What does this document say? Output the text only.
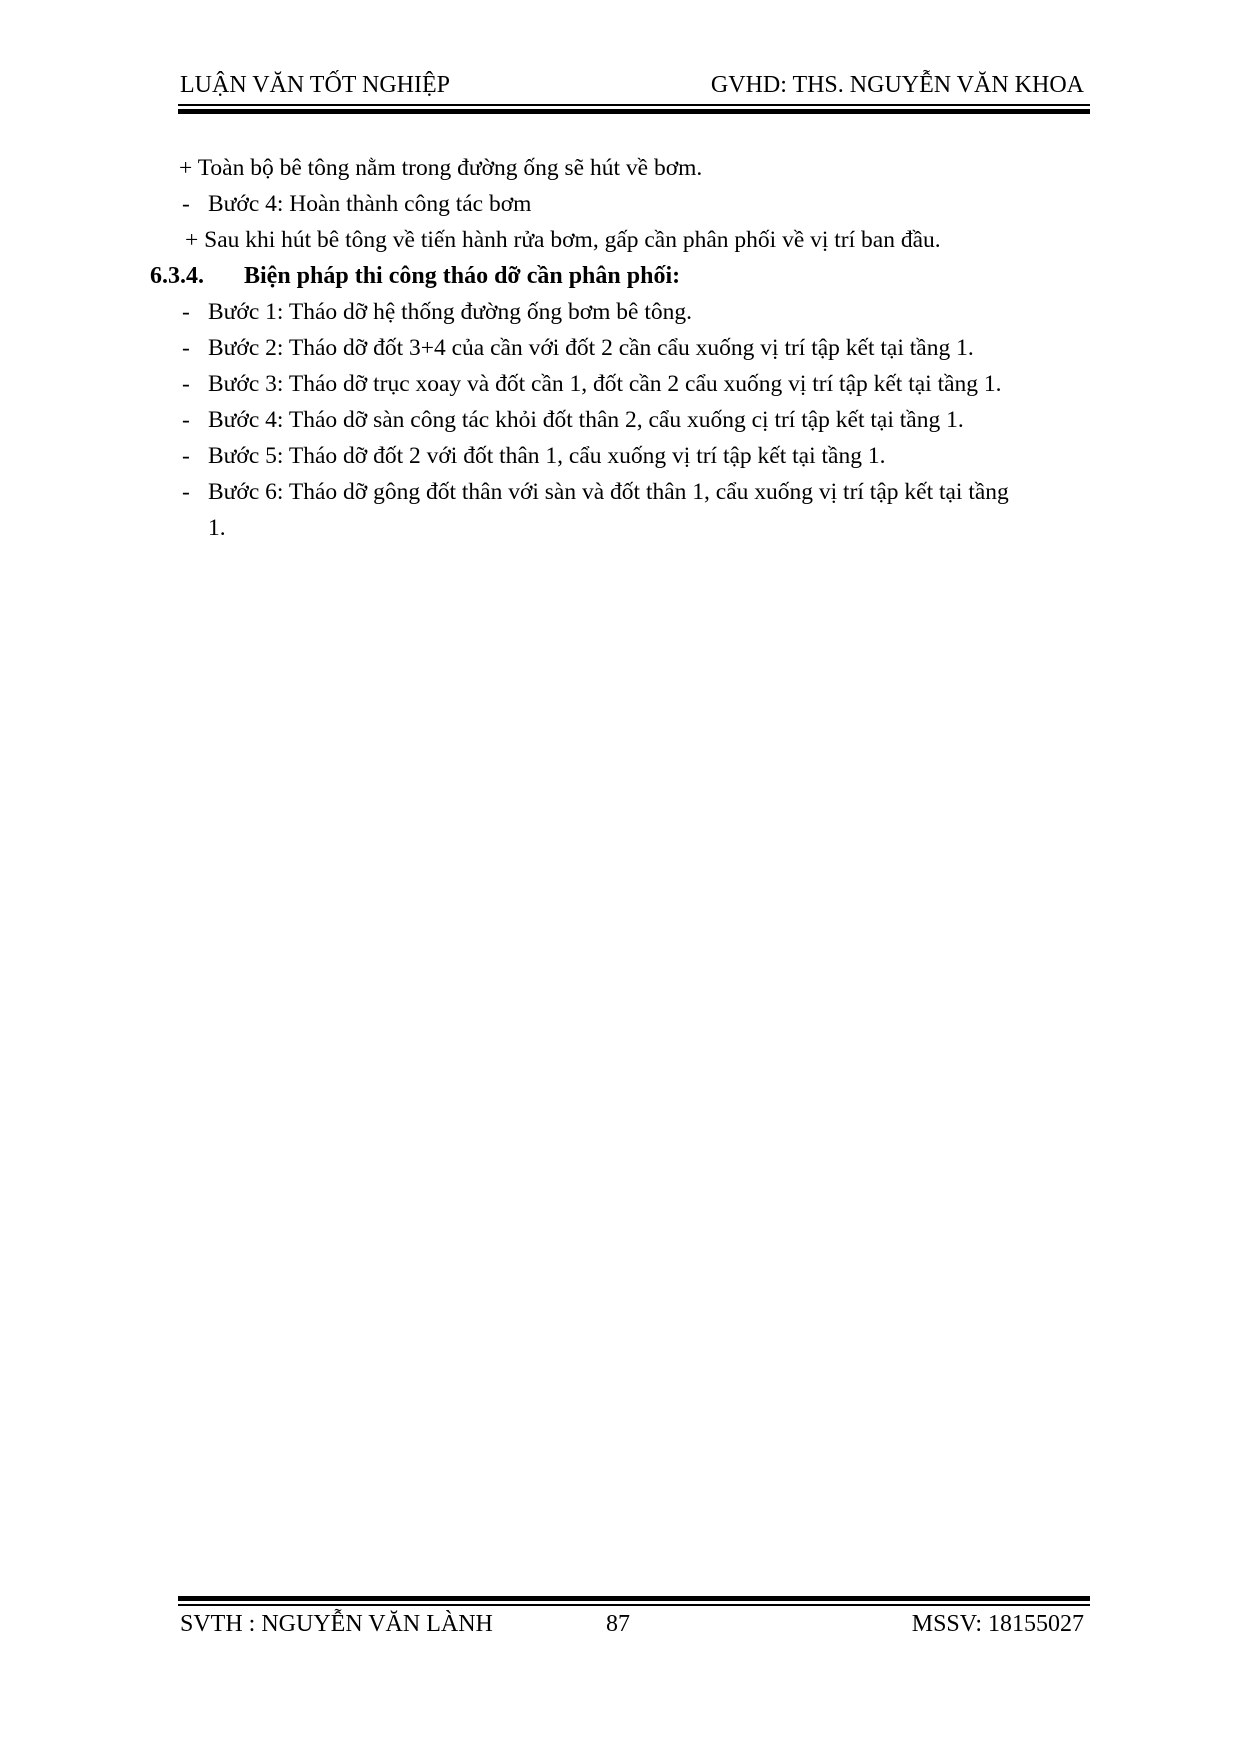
LUẬN VĂN TỐT NGHIỆP	GVHD: THS. NGUYỄN VĂN KHOA
+ Toàn bộ bê tông nằm trong đường ống sẽ hút về bơm.
- Bước 4: Hoàn thành công tác bơm
+ Sau khi hút bê tông về tiến hành rửa bơm, gấp cần phân phối về vị trí ban đầu.
6.3.4. Biện pháp thi công tháo dỡ cần phân phối:
- Bước 1: Tháo dỡ hệ thống đường ống bơm bê tông.
- Bước 2: Tháo dỡ đốt 3+4 của cần với đốt 2 cần cẩu xuống vị trí tập kết tại tầng 1.
- Bước 3: Tháo dỡ trục xoay và đốt cần 1, đốt cần 2 cẩu xuống vị trí tập kết tại tầng 1.
- Bước 4: Tháo dỡ sàn công tác khỏi đốt thân 2, cẩu xuống cị trí tập kết tại tầng 1.
- Bước 5: Tháo dỡ đốt 2 với đốt thân 1, cẩu xuống vị trí tập kết tại tầng 1.
- Bước 6: Tháo dỡ gông đốt thân với sàn và đốt thân 1, cẩu xuống vị trí tập kết tại tầng
1.
SVTH : NGUYỄN VĂN LÀNH	87	MSSV: 18155027
